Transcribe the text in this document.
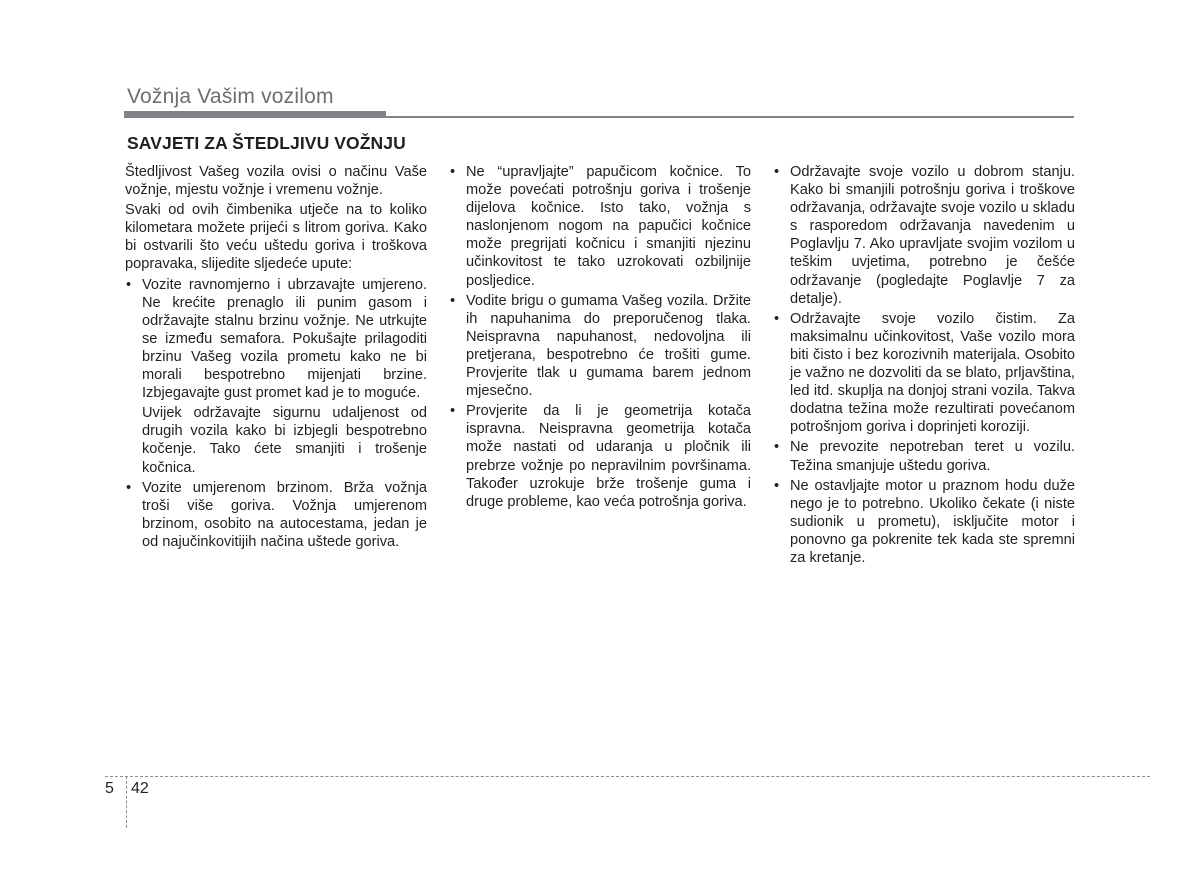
Vožnja Vašim vozilom
SAVJETI ZA ŠTEDLJIVU VOŽNJU

Štedljivost Vašeg vozila ovisi o načinu Vaše vožnje, mjestu vožnje i vremenu vožnje.

Svaki od ovih čimbenika utječe na to koliko kilometara možete prijeći s litrom goriva. Kako bi ostvarili što veću uštedu goriva i troškova popravaka, slijedite sljedeće upute:

• Vozite ravnomjerno i ubrzavajte umjereno. Ne krećite prenaglo ili punim gasom i održavajte stalnu brzinu vožnje. Ne utrkujte se između semafora. Pokušajte prilagoditi brzinu Vašeg vozila prometu kako ne bi morali bespotrebno mijenjati brzine. Izbjegavajte gust promet kad je to moguće.

Uvijek održavajte sigurnu udaljenost od drugih vozila kako bi izbjegli bespotrebno kočenje. Tako ćete smanjiti i trošenje kočnica.

• Vozite umjerenom brzinom. Brža vožnja troši više goriva. Vožnja umjerenom brzinom, osobito na autocestama, jedan je od najučinkovitijih načina uštede goriva.

• Ne “upravljajte” papučicom kočnice. To može povećati potrošnju goriva i trošenje dijelova kočnice. Isto tako, vožnja s naslonjenom nogom na papučici kočnice može pregrijati kočnicu i smanjiti njezinu učinkovitost te tako uzrokovati ozbiljnije posljedice.

• Vodite brigu o gumama Vašeg vozila. Držite ih napuhanima do preporučenog tlaka. Neispravna napuhanost, nedovoljna ili pretjerana, bespotrebno će trošiti gume. Provjerite tlak u gumama barem jednom mjesečno.

• Provjerite da li je geometrija kotača ispravna. Neispravna geometrija kotača može nastati od udaranja u pločnik ili prebrze vožnje po nepravilnim površinama. Također uzrokuje brže trošenje guma i druge probleme, kao veća potrošnja goriva.

• Održavajte svoje vozilo u dobrom stanju. Kako bi smanjili potrošnju goriva i troškove održavanja, održavajte svoje vozilo u skladu s rasporedom održavanja navedenim u Poglavlju 7. Ako upravljate svojim vozilom u teškim uvjetima, potrebno je češće održavanje (pogledajte Poglavlje 7 za detalje).

• Održavajte svoje vozilo čistim. Za maksimalnu učinkovitost, Vaše vozilo mora biti čisto i bez korozivnih materijala. Osobito je važno ne dozvoliti da se blato, prljavština, led itd. skuplja na donjoj strani vozila. Takva dodatna težina može rezultirati povećanom potrošnjom goriva i doprinjeti koroziji.

• Ne prevozite nepotreban teret u vozilu. Težina smanjuje uštedu goriva.

• Ne ostavljajte motor u praznom hodu duže nego je to potrebno. Ukoliko čekate (i niste sudionik u prometu), isključite motor i ponovno ga pokrenite tek kada ste spremni za kretanje.

5 42
